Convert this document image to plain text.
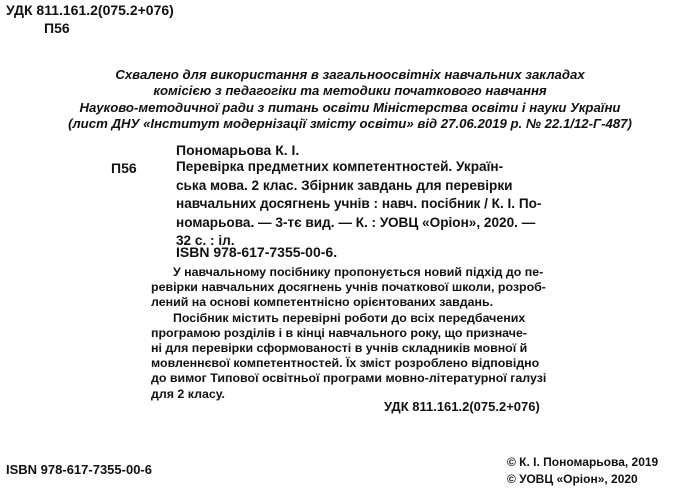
УДК 811.161.2(075.2+076)
П56
Схвалено для використання в загальноосвітніх навчальних закладах
комісією з педагогіки та методики початкового навчання
Науково-методичної ради з питань освіти Міністерства освіти і науки України
(лист ДНУ «Інститут модернізації змісту освіти» від 27.06.2019 р. № 22.1/12-Г-487)
Пономарьова К. І.
П56	Перевірка предметних компетентностей. Україн-
ська мова. 2 клас. Збірник завдань для перевірки
навчальних досягнень учнів : навч. посібник / К. І. По-
номарьова. — 3-тє вид. — К. : УОВЦ «Оріон», 2020. —
32 с. : іл.
ISBN 978-617-7355-00-6.
У навчальному посібнику пропонується новий підхід до пе-
ревірки навчальних досягнень учнів початкової школи, розроб-
лений на основі компетентнісно орієнтованих завдань.
Посібник містить перевірні роботи до всіх передбачених
програмою розділів і в кінці навчального року, що призначе-
ні для перевірки сформованості в учнів складників мовної й
мовленнєвої компетентностей. Їх зміст розроблено відповідно
до вимог Типової освітньої програми мовно-літературної галузі
для 2 класу.
УДК 811.161.2(075.2+076)
ISBN 978-617-7355-00-6	© К. І. Пономарьова, 2019
© УОВЦ «Оріон», 2020
